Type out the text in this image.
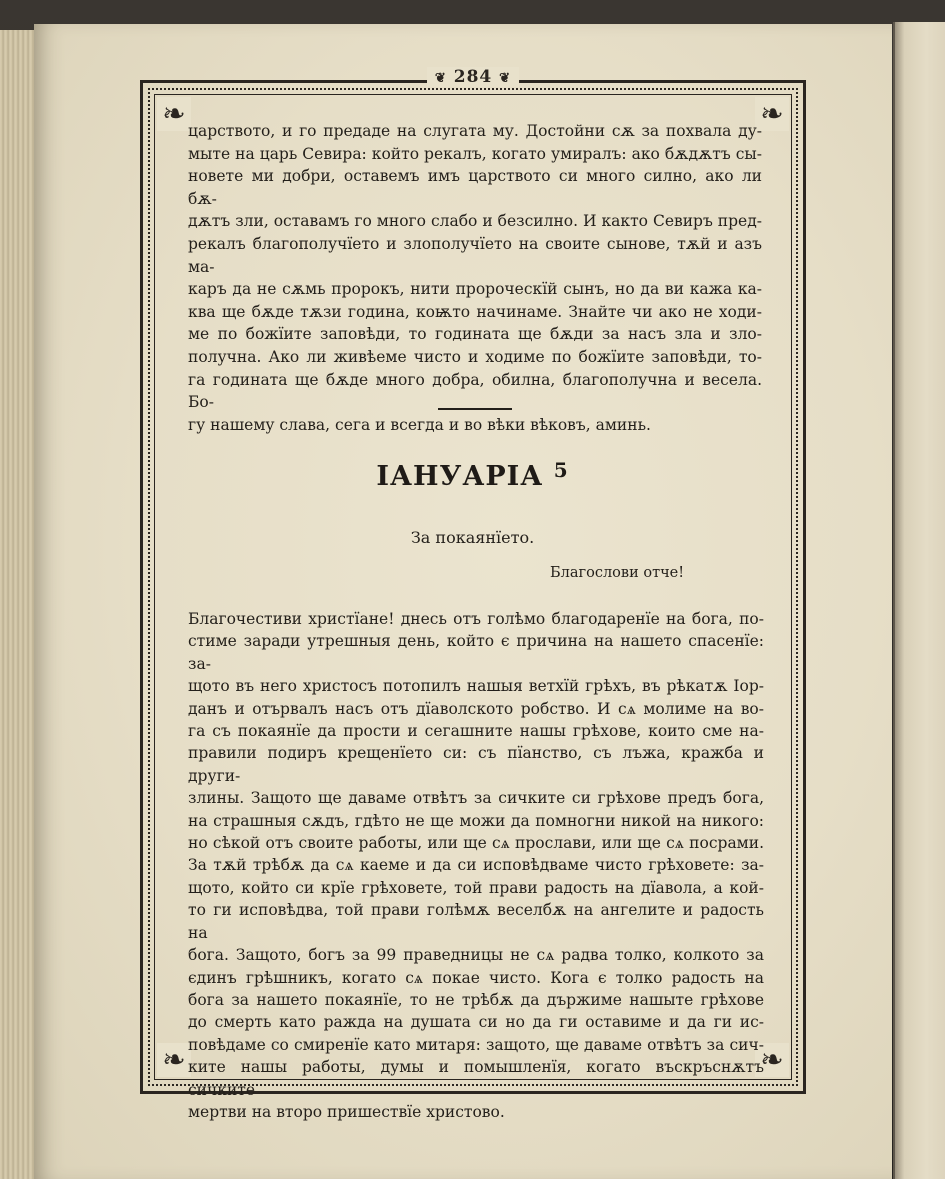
❧	❧
❧	❧
❦ 284 ❦
царството, и го предаде на слугата му. Достойни сѫ за похвала ду-
мыте на царь Севира: който рекалъ, когато умиралъ: ако бѫдѫтъ сы-
новете ми добри, оставемъ имъ царството си много силно, ако ли бѫ-
дѫтъ зли, оставамъ го много слабо и безсилно. И както Севиръ пред-
рекалъ благополучїето и злополучїето на своите сынове, тѫй и азъ ма-
каръ да не сѫмь пророкъ, нити пророческїй сынъ, но да ви кажа ка-
ква ще бѫде тѫзи година, коѭто начинаме. Знайте чи ако не ходи-
ме по божїите заповѣди, то годината ще бѫди за насъ зла и зло-
получна. Ако ли живѣеме чисто и ходиме по божїите заповѣди, то-
га годината ще бѫде много добра, обилна, благополучна и весела. Бо-
гу нашему слава, сега и всегда и во вѣки вѣковъ, аминь.
IАНУАРIА $^5$
За покаянїето.
Благослови отче!
Благочестиви христїане! днесь отъ голѣмо благодаренїе на бога, по-
стиме заради утрешныя день, който є причина на нашето спасенїе: за-
щото въ него христосъ потопилъ нашыя ветхїй грѣхъ, въ рѣкатѫ Іор-
данъ и отървалъ насъ отъ дїаволското робство. И сѧ молиме на во-
га съ покаянїе да прости и сегашните нашы грѣхове, които сме на-
правили подиръ крещенїето си: съ пїанство, съ лъжа, кражба и други-
злины. Защото ще даваме отвѣтъ за сичките си грѣхове предъ бога,
на страшныя сѫдъ, гдѣто не ще можи да помногни никой на никого:
но сѣкой отъ своите работы, или ще сѧ прослави, или ще сѧ посрами.
За тѫй трѣбѫ да сѧ каеме и да си исповѣдваме чисто грѣховете: за-
щото, който си крїе грѣховете, той прави радость на дїавола, а кой-
то ги исповѣдва, той прави голѣмѫ веселбѫ на ангелите и радость на
бога. Защото, богъ за 99 праведницы не сѧ радва толко, колкото за
єдинъ грѣшникъ, когато сѧ покае чисто. Кога є толко радость на
бога за нашето покаянїе, то не трѣбѫ да държиме нашыте грѣхове
до смерть като ражда на душата си но да ги оставиме и да ги ис-
повѣдаме со смиренїе като митаря: защото, ще даваме отвѣтъ за сич-
ките нашы работы, думы и помышленїя, когато въскръснѫтъ сичките
мертви на второ пришествїе христово.
